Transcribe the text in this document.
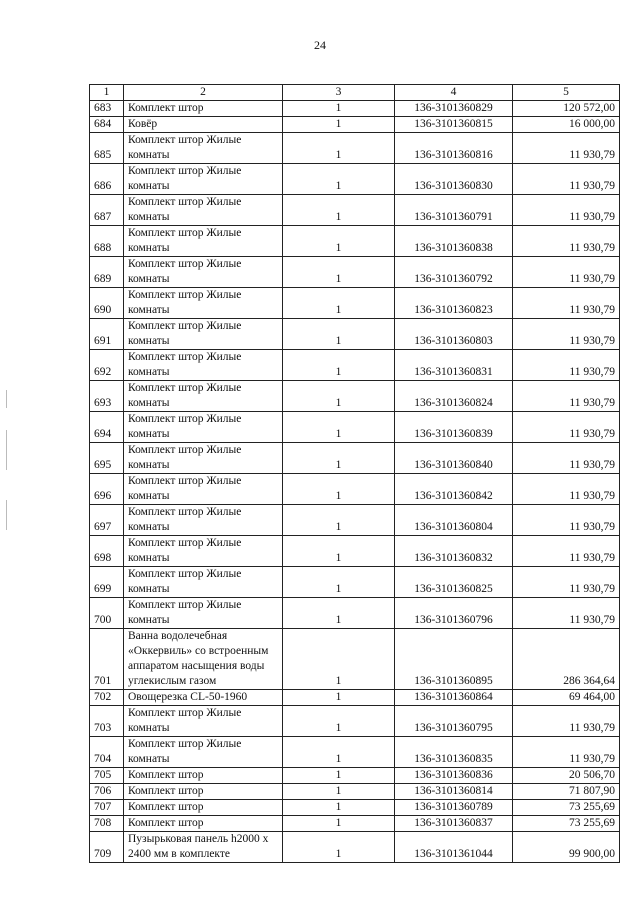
24
1	2	3	4	5
683	Комплект штор	1	136-3101360829	120 572,00
684	Ковёр	1	136-3101360815	16 000,00
685	Комплект штор Жилые
комнаты	1	136-3101360816	11 930,79
686	Комплект штор Жилые
комнаты	1	136-3101360830	11 930,79
687	Комплект штор Жилые
комнаты	1	136-3101360791	11 930,79
688	Комплект штор Жилые
комнаты	1	136-3101360838	11 930,79
689	Комплект штор Жилые
комнаты	1	136-3101360792	11 930,79
690	Комплект штор Жилые
комнаты	1	136-3101360823	11 930,79
691	Комплект штор Жилые
комнаты	1	136-3101360803	11 930,79
692	Комплект штор Жилые
комнаты	1	136-3101360831	11 930,79
693	Комплект штор Жилые
комнаты	1	136-3101360824	11 930,79
694	Комплект штор Жилые
комнаты	1	136-3101360839	11 930,79
695	Комплект штор Жилые
комнаты	1	136-3101360840	11 930,79
696	Комплект штор Жилые
комнаты	1	136-3101360842	11 930,79
697	Комплект штор Жилые
комнаты	1	136-3101360804	11 930,79
698	Комплект штор Жилые
комнаты	1	136-3101360832	11 930,79
699	Комплект штор Жилые
комнаты	1	136-3101360825	11 930,79
700	Комплект штор Жилые
комнаты	1	136-3101360796	11 930,79
701	Ванна водолечебная
«Оккервиль» со встроенным
аппаратом насыщения воды
углекислым газом	1	136-3101360895	286 364,64
702	Овощерезка CL-50-1960	1	136-3101360864	69 464,00
703	Комплект штор Жилые
комнаты	1	136-3101360795	11 930,79
704	Комплект штор Жилые
комнаты	1	136-3101360835	11 930,79
705	Комплект штор	1	136-3101360836	20 506,70
706	Комплект штор	1	136-3101360814	71 807,90
707	Комплект штор	1	136-3101360789	73 255,69
708	Комплект штор	1	136-3101360837	73 255,69
709	Пузырьковая панель h2000 х
2400 мм в комплекте	1	136-3101361044	99 900,00
